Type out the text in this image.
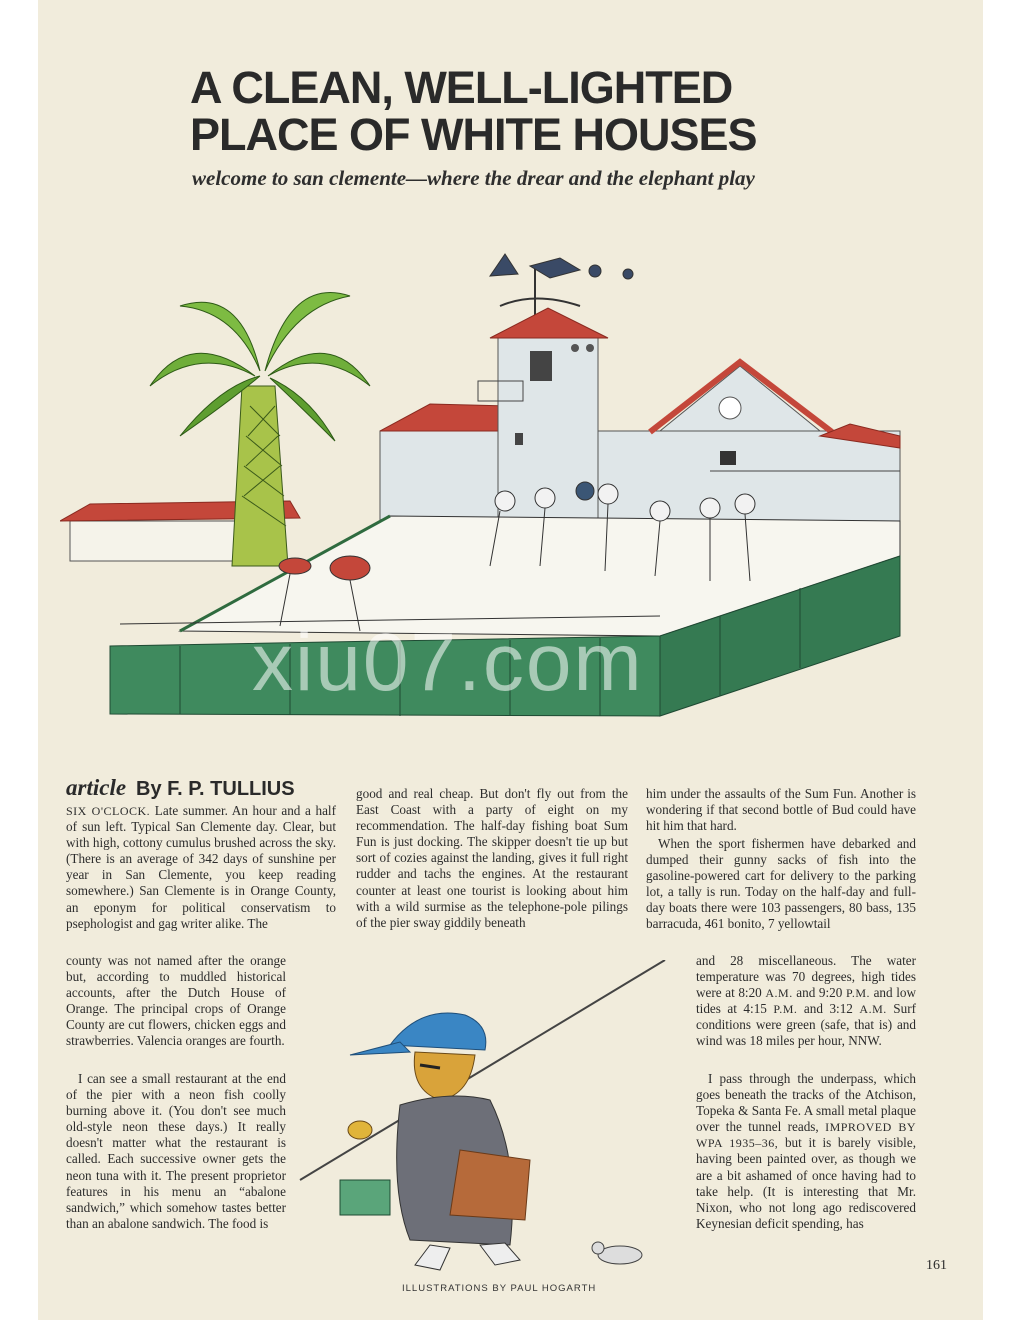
A CLEAN, WELL-LIGHTED
PLACE OF WHITE HOUSES

welcome to san clemente—where the drear and the elephant play

xiu07.com

article By F. P. TULLIUS

SIX O'CLOCK. Late summer. An hour and a half of sun left. Typical San Clemente day. Clear, but with high, cottony cumulus brushed across the sky. (There is an average of 342 days of sunshine per year in San Clemente, you keep reading somewhere.) San Clemente is in Orange County, an eponym for political conservatism to psephologist and gag writer alike. The

county was not named after the orange but, according to muddled historical accounts, after the Dutch House of Orange. The principal crops of Orange County are cut flowers, chicken eggs and strawberries. Valencia oranges are fourth.

I can see a small restaurant at the end of the pier with a neon fish coolly burning above it. (You don't see much old-style neon these days.) It really doesn't matter what the restaurant is called. Each successive owner gets the neon tuna with it. The present proprietor features in his menu an “abalone sandwich,” which somehow tastes better than an abalone sandwich. The food is

good and real cheap. But don't fly out from the East Coast with a party of eight on my recommendation. The half-day fishing boat Sum Fun is just docking. The skipper doesn't tie up but sort of cozies against the landing, gives it full right rudder and tachs the engines. At the restaurant counter at least one tourist is looking about him with a wild surmise as the telephone-pole pilings of the pier sway giddily beneath

him under the assaults of the Sum Fun. Another is wondering if that second bottle of Bud could have hit him that hard.

When the sport fishermen have debarked and dumped their gunny sacks of fish into the gasoline-powered cart for delivery to the parking lot, a tally is run. Today on the half-day and full-day boats there were 103 passengers, 80 bass, 135 barracuda, 461 bonito, 7 yellowtail

and 28 miscellaneous. The water temperature was 70 degrees, high tides were at 8:20 A.M. and 9:20 P.M. and low tides at 4:15 P.M. and 3:12 A.M. Surf conditions were green (safe, that is) and wind was 18 miles per hour, NNW.

I pass through the underpass, which goes beneath the tracks of the Atchison, Topeka & Santa Fe. A small metal plaque over the tunnel reads, IMPROVED BY WPA 1935–36, but it is barely visible, having been painted over, as though we are a bit ashamed of once having had to take help. (It is interesting that Mr. Nixon, who not long ago rediscovered Keynesian deficit spending, has

ILLUSTRATIONS BY PAUL HOGARTH

161
